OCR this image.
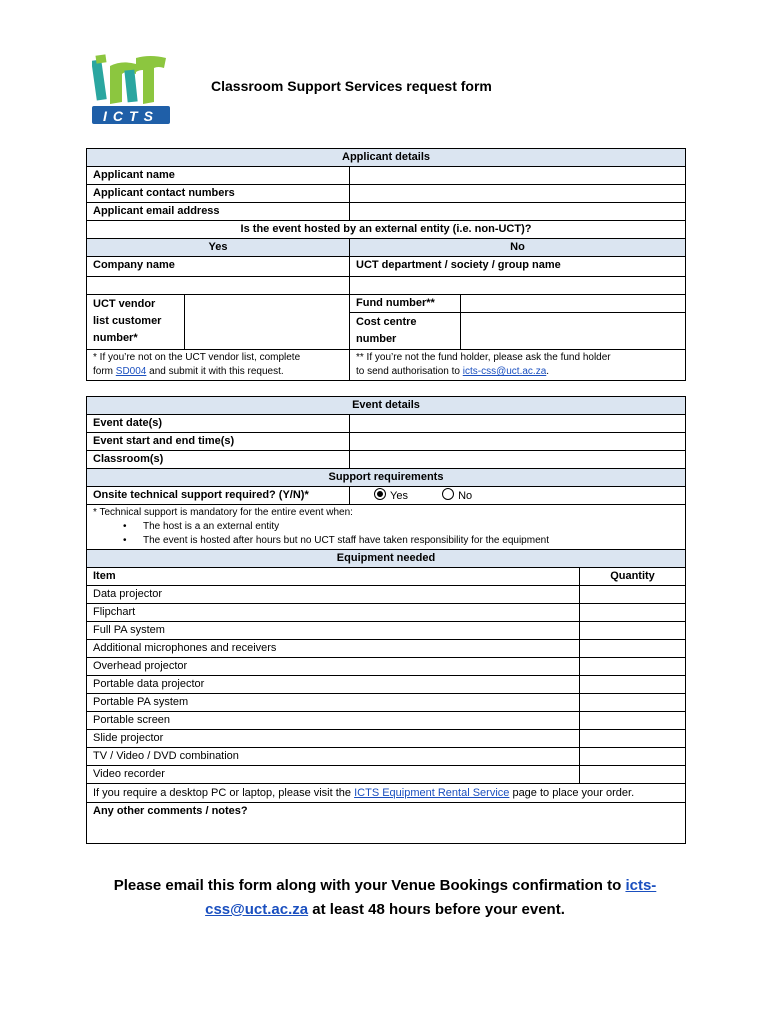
ICTS
Classroom Support Services request form
Applicant details			
Applicant name			
Applicant contact numbers			
Applicant email address			
Is the event hosted by an external entity (i.e. non-UCT)?			
Yes		No	
Company name		UCT department / society / group name	

UCT vendor
list customer
number*		Fund number**	
		Cost centre
number	
* If you’re not on the UCT vendor list, complete
form SD004 and submit it with this request.		** If you’re not the fund holder, please ask the fund holder
to send authorisation to icts-css@uct.ac.za.	
Event details		
Event date(s)		
Event start and end time(s)		
Classroom(s)		
Support requirements		
Onsite technical support required? (Y/N)*	Yes No	
* Technical support is mandatory for the entire event when:
• The host is a an external entity
• The event is hosted after hours but no UCT staff have taken responsibility for the equipment		
Equipment needed		
Item		Quantity
Data projector		
Flipchart		
Full PA system		
Additional microphones and receivers		
Overhead projector		
Portable data projector		
Portable PA system		
Portable screen		
Slide projector		
TV / Video / DVD combination		
Video recorder		
If you require a desktop PC or laptop, please visit the ICTS Equipment Rental Service page to place your order.		
Any other comments / notes?		
Please email this form along with your Venue Bookings confirmation to icts-css@uct.ac.za at least 48 hours before your event.
